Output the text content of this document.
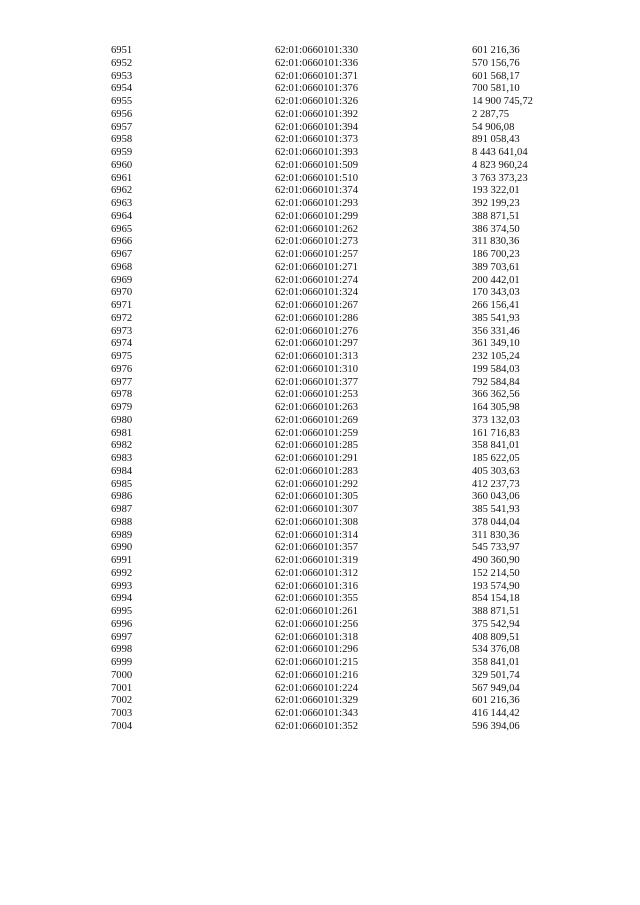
6951	62:01:0660101:330	601 216,36
6952	62:01:0660101:336	570 156,76
6953	62:01:0660101:371	601 568,17
6954	62:01:0660101:376	700 581,10
6955	62:01:0660101:326	14 900 745,72
6956	62:01:0660101:392	2 287,75
6957	62:01:0660101:394	54 906,08
6958	62:01:0660101:373	891 058,43
6959	62:01:0660101:393	8 443 641,04
6960	62:01:0660101:509	4 823 960,24
6961	62:01:0660101:510	3 763 373,23
6962	62:01:0660101:374	193 322,01
6963	62:01:0660101:293	392 199,23
6964	62:01:0660101:299	388 871,51
6965	62:01:0660101:262	386 374,50
6966	62:01:0660101:273	311 830,36
6967	62:01:0660101:257	186 700,23
6968	62:01:0660101:271	389 703,61
6969	62:01:0660101:274	200 442,01
6970	62:01:0660101:324	170 343,03
6971	62:01:0660101:267	266 156,41
6972	62:01:0660101:286	385 541,93
6973	62:01:0660101:276	356 331,46
6974	62:01:0660101:297	361 349,10
6975	62:01:0660101:313	232 105,24
6976	62:01:0660101:310	199 584,03
6977	62:01:0660101:377	792 584,84
6978	62:01:0660101:253	366 362,56
6979	62:01:0660101:263	164 305,98
6980	62:01:0660101:269	373 132,03
6981	62:01:0660101:259	161 716,83
6982	62:01:0660101:285	358 841,01
6983	62:01:0660101:291	185 622,05
6984	62:01:0660101:283	405 303,63
6985	62:01:0660101:292	412 237,73
6986	62:01:0660101:305	360 043,06
6987	62:01:0660101:307	385 541,93
6988	62:01:0660101:308	378 044,04
6989	62:01:0660101:314	311 830,36
6990	62:01:0660101:357	545 733,97
6991	62:01:0660101:319	490 360,90
6992	62:01:0660101:312	152 214,50
6993	62:01:0660101:316	193 574,90
6994	62:01:0660101:355	854 154,18
6995	62:01:0660101:261	388 871,51
6996	62:01:0660101:256	375 542,94
6997	62:01:0660101:318	408 809,51
6998	62:01:0660101:296	534 376,08
6999	62:01:0660101:215	358 841,01
7000	62:01:0660101:216	329 501,74
7001	62:01:0660101:224	567 949,04
7002	62:01:0660101:329	601 216,36
7003	62:01:0660101:343	416 144,42
7004	62:01:0660101:352	596 394,06
